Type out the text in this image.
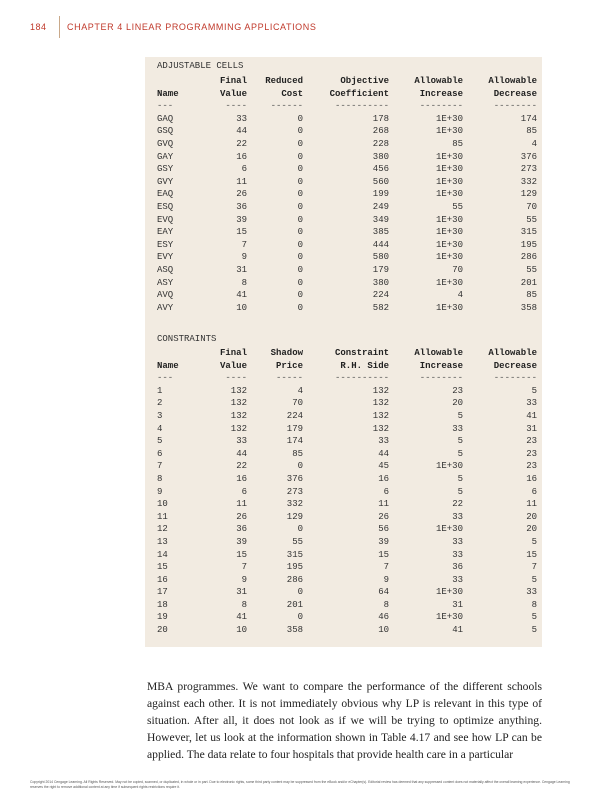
184 CHAPTER 4 LINEAR PROGRAMMING APPLICATIONS
ADJUSTABLE CELLS
	Final	Reduced	Objective	Allowable	Allowable
Name	Value	Cost	Coefficient	Increase	Decrease
---	----	------	----------	--------	--------
GAQ	33	0	178	1E+30	174
GSQ	44	0	268	1E+30	85
GVQ	22	0	228	85	4
GAY	16	0	380	1E+30	376
GSY	6	0	456	1E+30	273
GVY	11	0	560	1E+30	332
EAQ	26	0	199	1E+30	129
ESQ	36	0	249	55	70
EVQ	39	0	349	1E+30	55
EAY	15	0	385	1E+30	315
ESY	7	0	444	1E+30	195
EVY	9	0	580	1E+30	286
ASQ	31	0	179	70	55
ASY	8	0	380	1E+30	201
AVQ	41	0	224	4	85
AVY	10	0	582	1E+30	358
CONSTRAINTS
	Final	Shadow	Constraint	Allowable	Allowable
Name	Value	Price	R.H. Side	Increase	Decrease
---	----	-----	----------	--------	--------
1	132	4	132	23	5
2	132	70	132	20	33
3	132	224	132	5	41
4	132	179	132	33	31
5	33	174	33	5	23
6	44	85	44	5	23
7	22	0	45	1E+30	23
8	16	376	16	5	16
9	6	273	6	5	6
10	11	332	11	22	11
11	26	129	26	33	20
12	36	0	56	1E+30	20
13	39	55	39	33	5
14	15	315	15	33	15
15	7	195	7	36	7
16	9	286	9	33	5
17	31	0	64	1E+30	33
18	8	201	8	31	8
19	41	0	46	1E+30	5
20	10	358	10	41	5
MBA programmes. We want to compare the performance of the different schools against each other. It is not immediately obvious why LP is relevant in this type of situation. After all, it does not look as if we will be trying to optimize anything. However, let us look at the information shown in Table 4.17 and see how LP can be applied. The data relate to four hospitals that provide health care in a particular
Copyright 2014 Cengage Learning. All Rights Reserved. May not be copied, scanned, or duplicated, in whole or in part. Due to electronic rights, some third party content may be suppressed from the eBook and/or eChapter(s). Editorial review has deemed that any suppressed content does not materially affect the overall learning experience. Cengage Learning reserves the right to remove additional content at any time if subsequent rights restrictions require it.
